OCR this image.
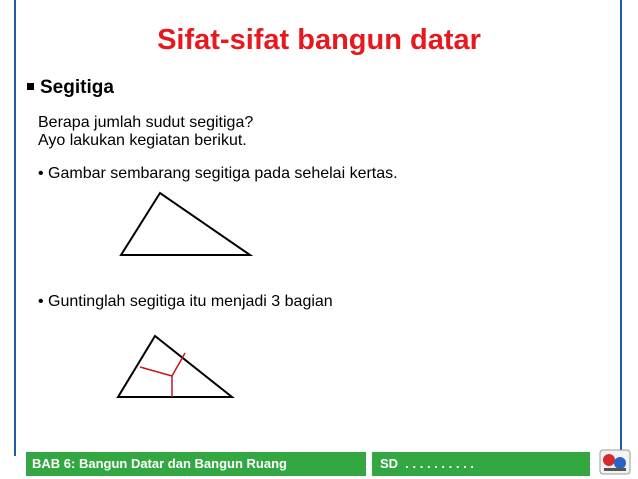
Sifat-sifat bangun datar
Segitiga
Berapa jumlah sudut segitiga?
Ayo lakukan kegiatan berikut.
• Gambar sembarang segitiga pada sehelai kertas.
• Guntinglah segitiga itu menjadi 3 bagian
BAB 6: Bangun Datar dan Bangun Ruang	SD  . . . . . . . . . .
